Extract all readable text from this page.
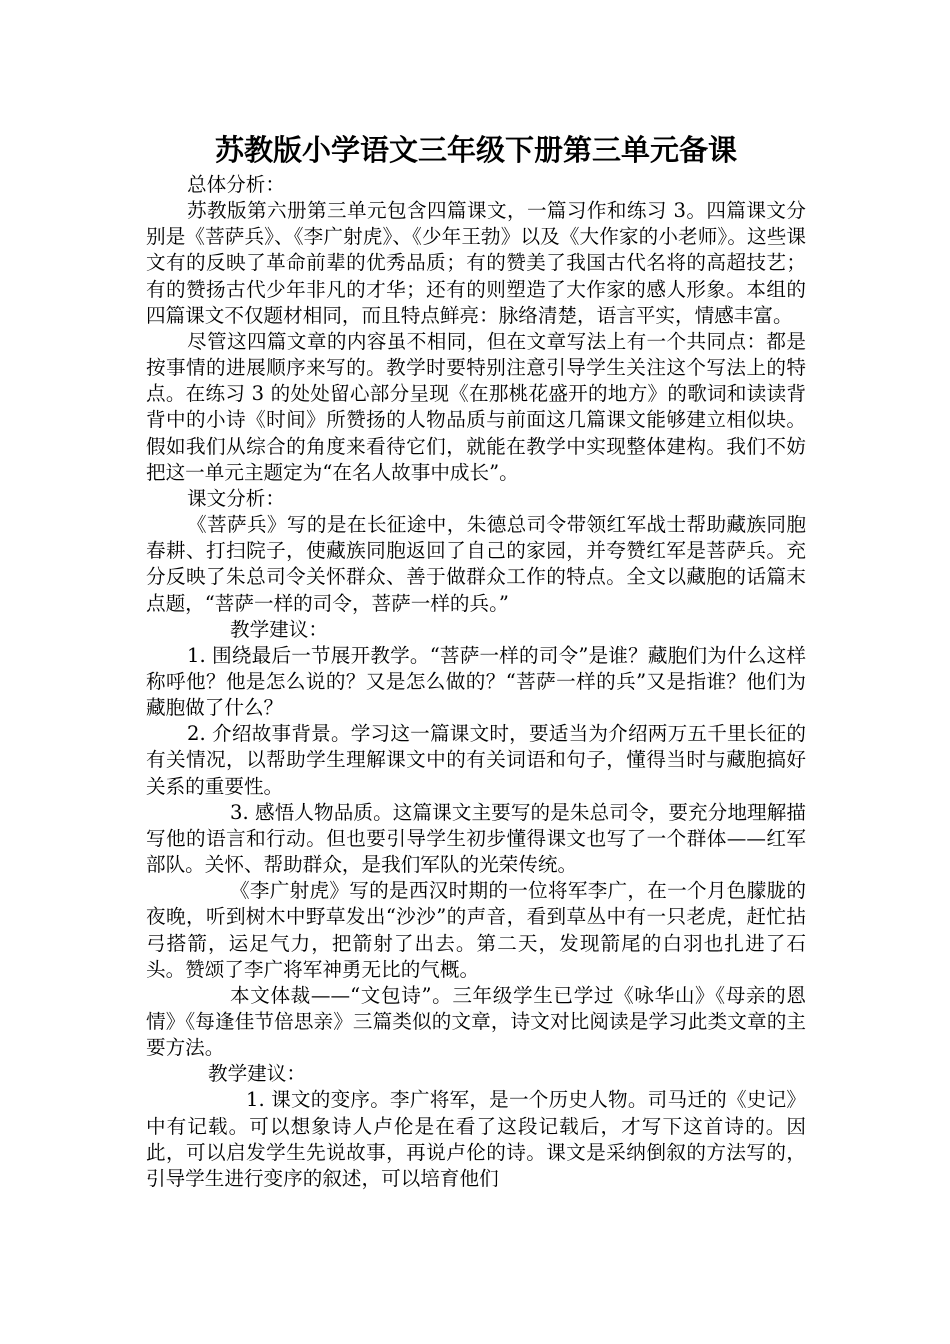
苏教版小学语文三年级下册第三单元备课

总体分析：

苏教版第六册第三单元包含四篇课文，一篇习作和练习 3。四篇课文分别是《菩萨兵》、《李广射虎》、《少年王勃》以及《大作家的小老师》。这些课文有的反映了革命前辈的优秀品质；有的赞美了我国古代名将的高超技艺；有的赞扬古代少年非凡的才华；还有的则塑造了大作家的感人形象。本组的四篇课文不仅题材相同，而且特点鲜亮：脉络清楚，语言平实，情感丰富。

尽管这四篇文章的内容虽不相同，但在文章写法上有一个共同点：都是按事情的进展顺序来写的。教学时要特别注意引导学生关注这个写法上的特点。在练习 3 的处处留心部分呈现《在那桃花盛开的地方》的歌词和读读背背中的小诗《时间》所赞扬的人物品质与前面这几篇课文能够建立相似块。假如我们从综合的角度来看待它们，就能在教学中实现整体建构。我们不妨把这一单元主题定为“在名人故事中成长”。

课文分析：

《菩萨兵》写的是在长征途中，朱德总司令带领红军战士帮助藏族同胞春耕、打扫院子，使藏族同胞返回了自己的家园，并夸赞红军是菩萨兵。充分反映了朱总司令关怀群众、善于做群众工作的特点。全文以藏胞的话篇末点题，“菩萨一样的司令，菩萨一样的兵。”

教学建议：

1. 围绕最后一节展开教学。“菩萨一样的司令”是谁？藏胞们为什么这样称呼他？他是怎么说的？又是怎么做的？“菩萨一样的兵”又是指谁？他们为藏胞做了什么？

2. 介绍故事背景。学习这一篇课文时，要适当为介绍两万五千里长征的有关情况，以帮助学生理解课文中的有关词语和句子，懂得当时与藏胞搞好关系的重要性。

3. 感悟人物品质。这篇课文主要写的是朱总司令，要充分地理解描写他的语言和行动。但也要引导学生初步懂得课文也写了一个群体——红军部队。关怀、帮助群众，是我们军队的光荣传统。

《李广射虎》写的是西汉时期的一位将军李广，在一个月色朦胧的夜晚，听到树木中野草发出“沙沙”的声音，看到草丛中有一只老虎，赶忙拈弓搭箭，运足气力，把箭射了出去。第二天，发现箭尾的白羽也扎进了石头。赞颂了李广将军神勇无比的气概。

本文体裁——“文包诗”。三年级学生已学过《咏华山》《母亲的恩情》《每逢佳节倍思亲》三篇类似的文章，诗文对比阅读是学习此类文章的主要方法。

教学建议：

1. 课文的变序。李广将军，是一个历史人物。司马迁的《史记》中有记载。可以想象诗人卢伦是在看了这段记载后，才写下这首诗的。因此，可以启发学生先说故事，再说卢伦的诗。课文是采纳倒叙的方法写的，引导学生进行变序的叙述，可以培育他们
